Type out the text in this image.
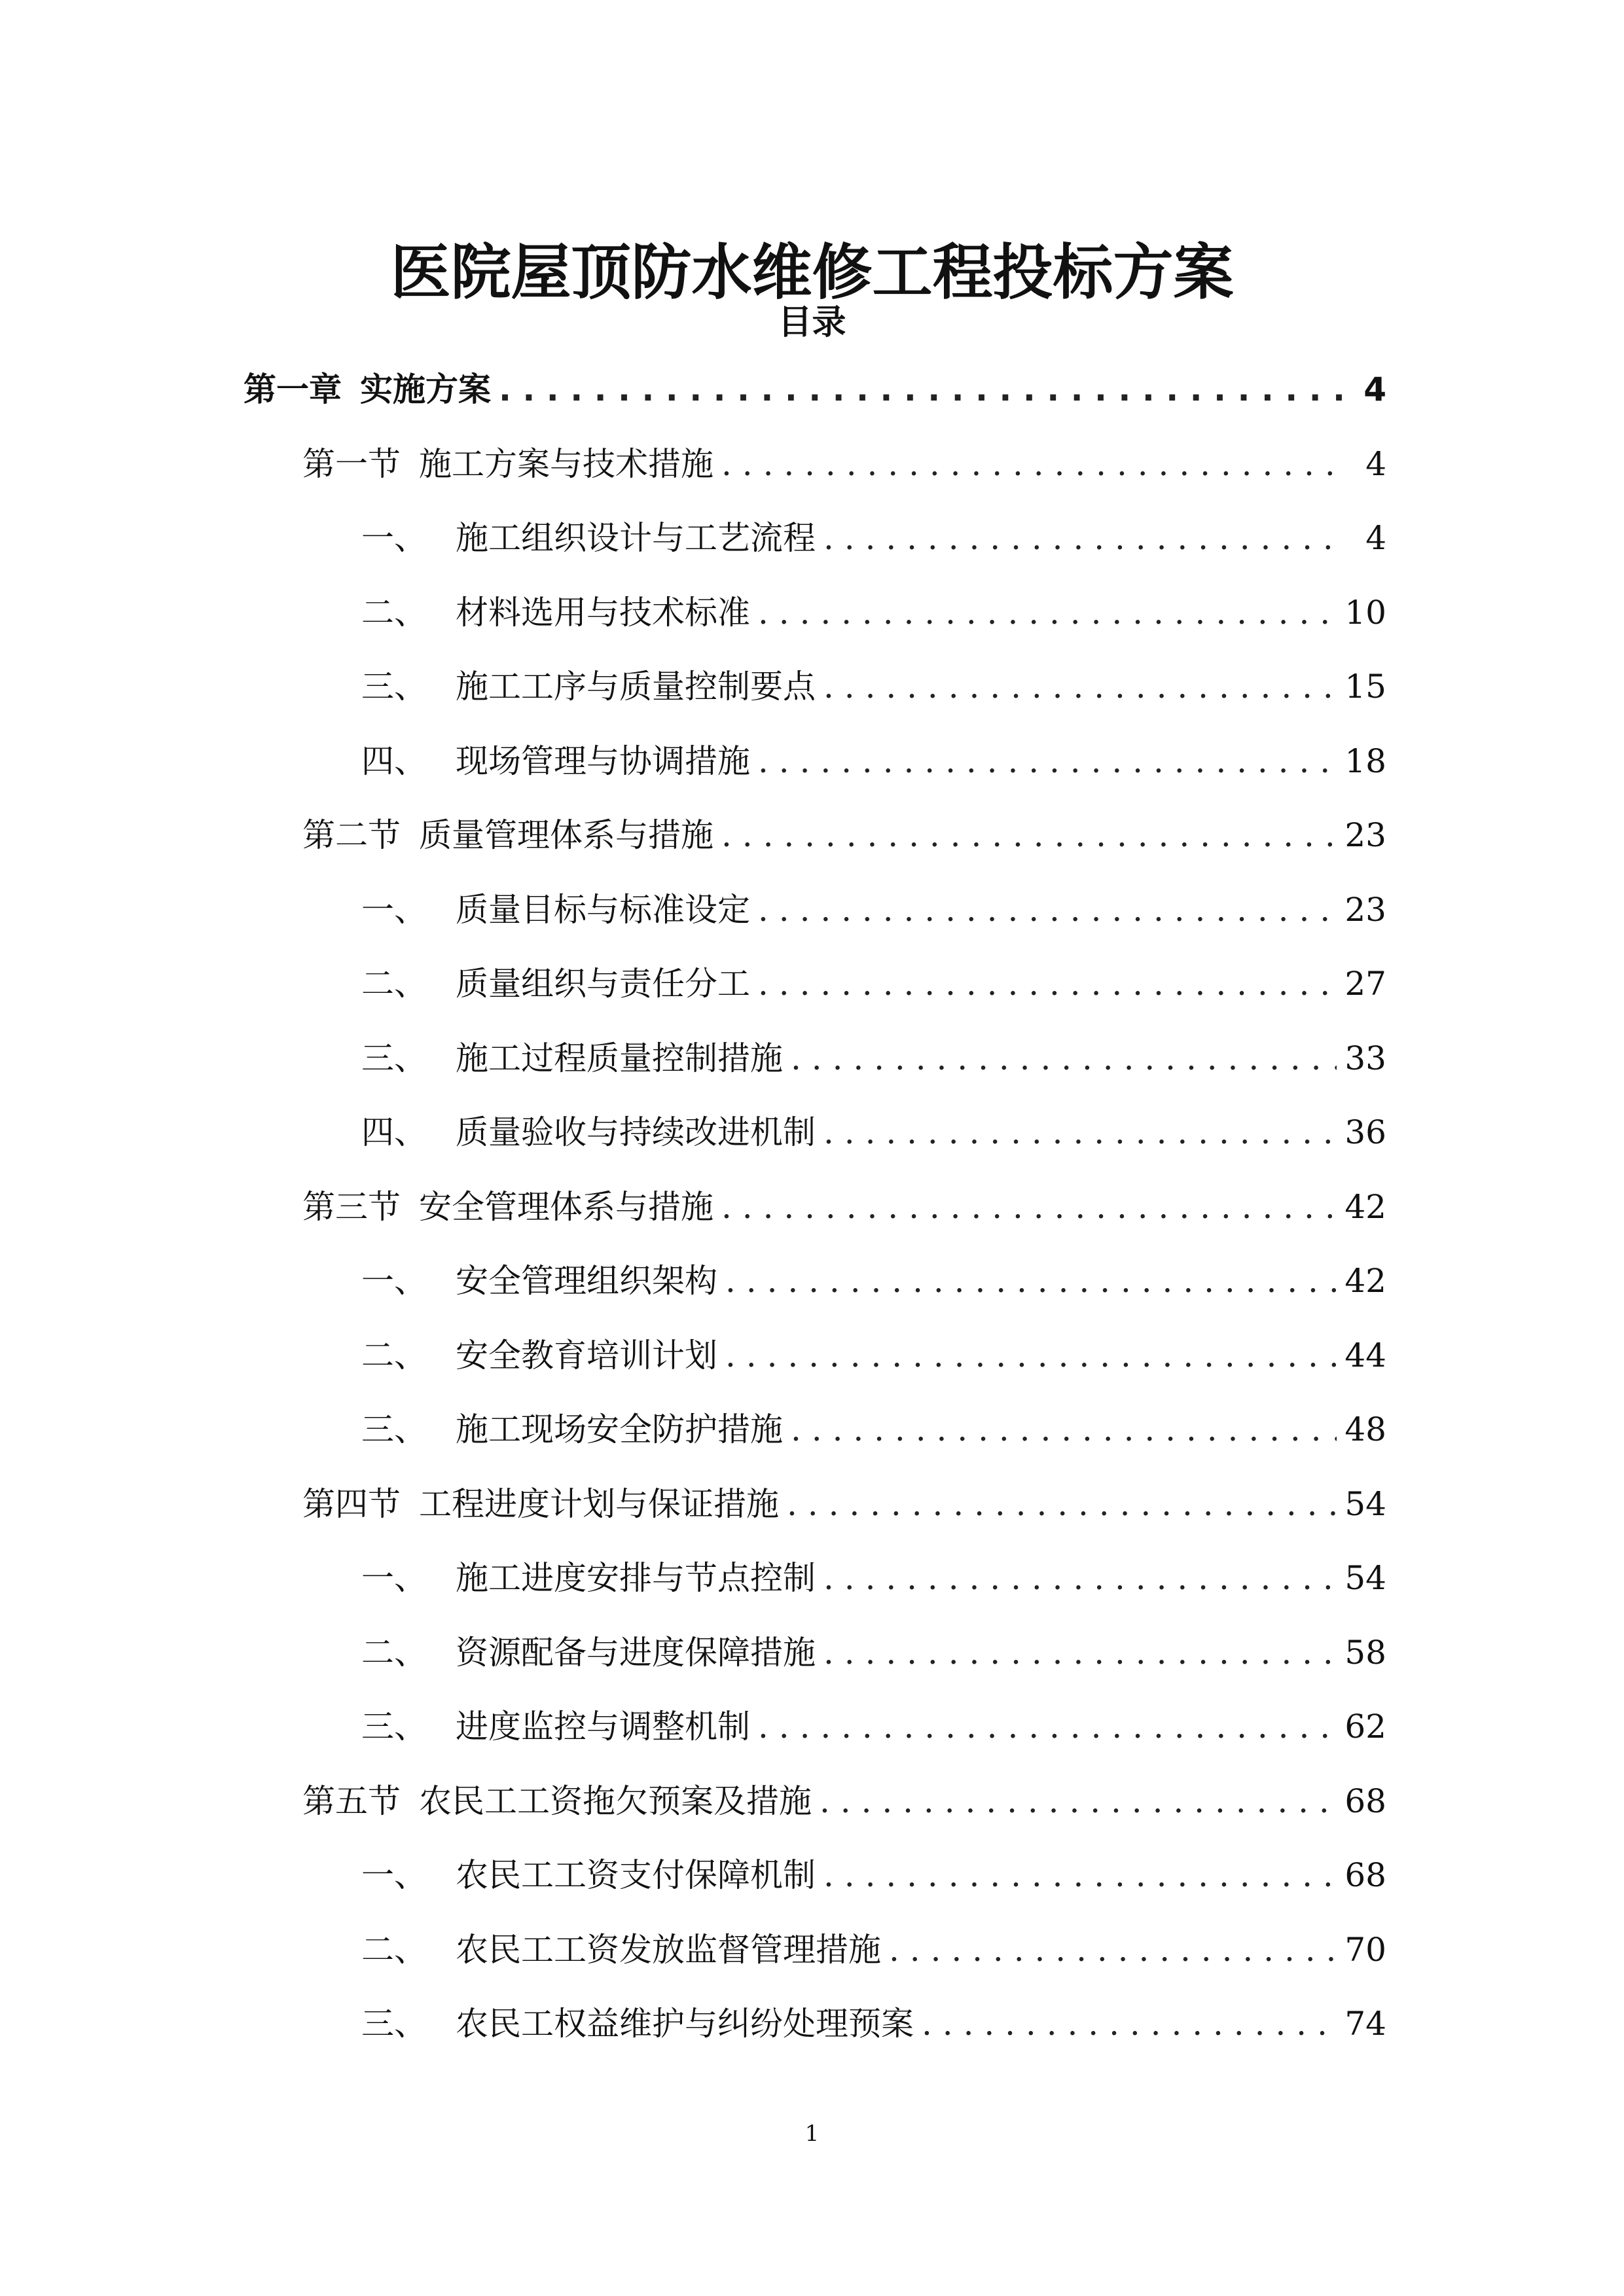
医院屋顶防水维修工程投标方案
目录
第一章 实施方案 . . .	4
第一节 施工方案与技术措施 . . .	4
一、 施工组织设计与工艺流程 . . .	4
二、 材料选用与技术标准 . . .	10
三、 施工工序与质量控制要点 . . .	15
四、 现场管理与协调措施 . . .	18
第二节 质量管理体系与措施 . . .	23
一、 质量目标与标准设定 . . .	23
二、 质量组织与责任分工 . . .	27
三、 施工过程质量控制措施 . . .	33
四、 质量验收与持续改进机制 . . .	36
第三节 安全管理体系与措施 . . .	42
一、 安全管理组织架构 . . .	42
二、 安全教育培训计划 . . .	44
三、 施工现场安全防护措施 . . .	48
第四节 工程进度计划与保证措施 . . .	54
一、 施工进度安排与节点控制 . . .	54
二、 资源配备与进度保障措施 . . .	58
三、 进度监控与调整机制 . . .	62
第五节 农民工工资拖欠预案及措施 . . .	68
一、 农民工工资支付保障机制 . . .	68
二、 农民工工资发放监督管理措施 . . .	70
三、 农民工权益维护与纠纷处理预案 . . .	74
1
